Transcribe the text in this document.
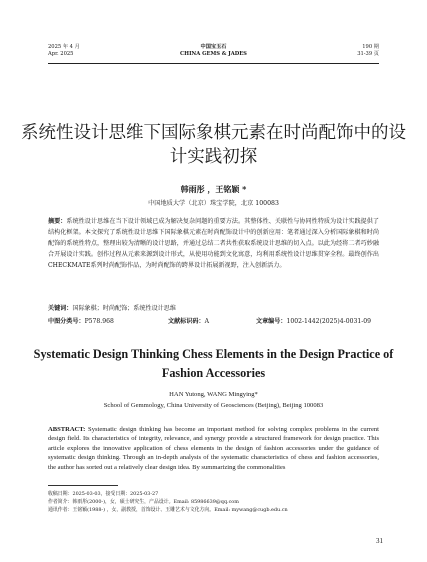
2025 年 4 月
Apr. 2025
中国宝玉石
CHINA GEMS & JADES
190 期
31-39 页
系统性设计思维下国际象棋元素在时尚配饰中的设计实践初探
韩雨彤 ，王铭颖 *
中国地质大学（北京）珠宝学院，北京 100083
摘要：系统性设计思维在当下设计领域已成为解决复杂问题的重要方法。其整体性、关联性与协同性特质为设计实践提供了结构化框架。本文探究了系统性设计思维下国际象棋元素在时尚配饰设计中的创新应用：笔者通过深入分析国际象棋和时尚配饰的系统性特点，整理出较为清晰的设计思路，并通过总结二者共性获取系统设计思维的切入点。以此为经将二者巧妙融合开展设计实践。创作过程从元素来源到设计形式，从使用功能到文化寓意，均利用系统性设计思维贯穿全程。最终创作出CHECKMATE系列时尚配饰作品，为时尚配饰的跨界设计拓展新视野，注入创新活力。
关键词：国际象棋；时尚配饰；系统性设计思维
中图分类号：P578.968	文献标识码：A	文章编号：1002-1442(2025)4-0031-09
Systematic Design Thinking Chess Elements in the Design Practice of Fashion Accessories
HAN Yutong, WANG Mingying*
School of Gemmology, China University of Geosciences (Beijing), Beijing 100083
ABSTRACT: Systematic design thinking has become an important method for solving complex problems in the current design field. Its characteristics of integrity, relevance, and synergy provide a structured framework for design practice. This article explores the innovative application of chess elements in the design of fashion accessories under the guidance of systematic design thinking. Through an in-depth analysis of the systematic characteristics of chess and fashion accessories, the author has sorted out a relatively clear design idea. By summarizing the commonalities
收稿日期：2025-03-03，接受日期：2025-03-27
作者简介：韩雨彤(2000-)，女，硕士研究生，产品设计。Email: 85986639@qq.com
通讯作者：王铭颖(1988-) ，女，副教授，首饰设计、玉雕艺术与文化方向。Email: mywang@cugb.edu.cn
31
